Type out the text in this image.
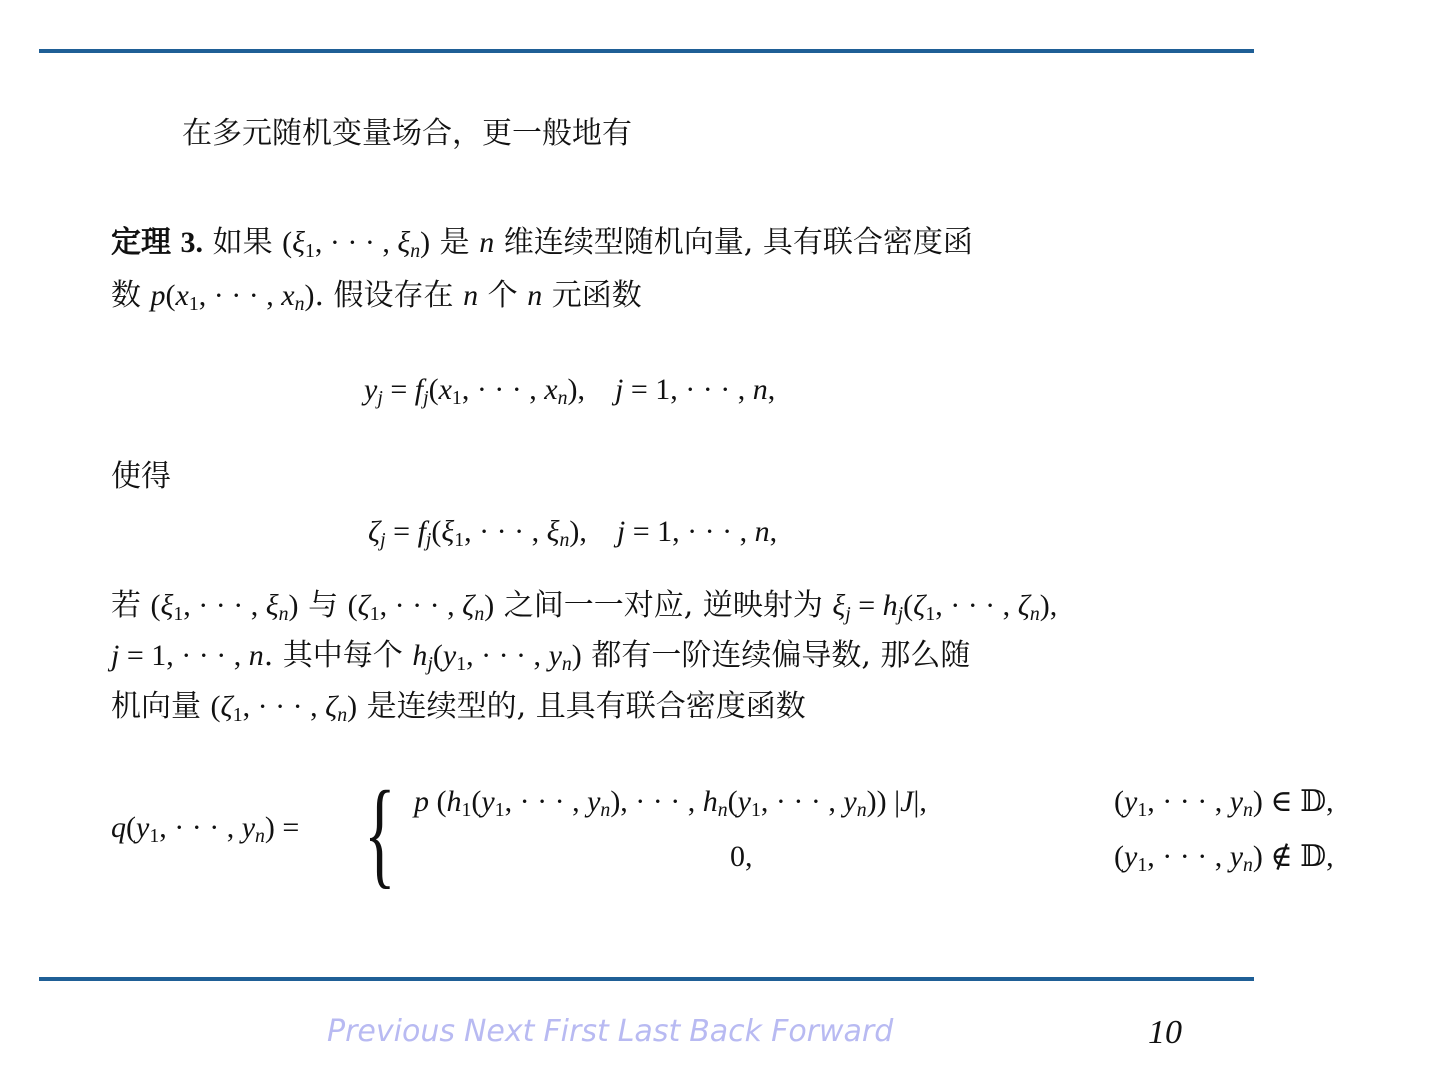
在多元随机变量场合，更一般地有
定理 3. 如果 ($\xi_1$, · · · , $\xi_n$) 是 n 维连续型随机向量, 具有联合密度函
数 $p(x_1$, · · · , $x_n$). 假设存在 n 个 n 元函数
$y_j = f_j(x_1$, · · · , $x_n$),    j = 1, · · · , n,
使得
$\zeta_j = f_j(\xi_1$, · · · , $\xi_n$),    j = 1, · · · , n,
若 ($\xi_1$, · · · , $\xi_n$) 与 ($\zeta_1$, · · · , $\zeta_n$) 之间一一对应, 逆映射为 $\xi_j = h_j(\zeta_1$, · · · , $\zeta_n$),
j = 1, · · · , n. 其中每个 $h_j(y_1$, · · · , $y_n$) 都有一阶连续偏导数, 那么随
机向量 ($\zeta_1$, · · · , $\zeta_n$) 是连续型的, 且具有联合密度函数
$q(y_1$, · · · , $y_n$) = { p ($h_1(y_1$, · · · , $y_n$), · · · , $h_n(y_1$, · · · , $y_n$)) |J|,	($y_1$, · · · , $y_n$) ∈ 𝔻,
0,	($y_1$, · · · , $y_n$) ∉ 𝔻,
Previous Next First Last Back Forward	10
